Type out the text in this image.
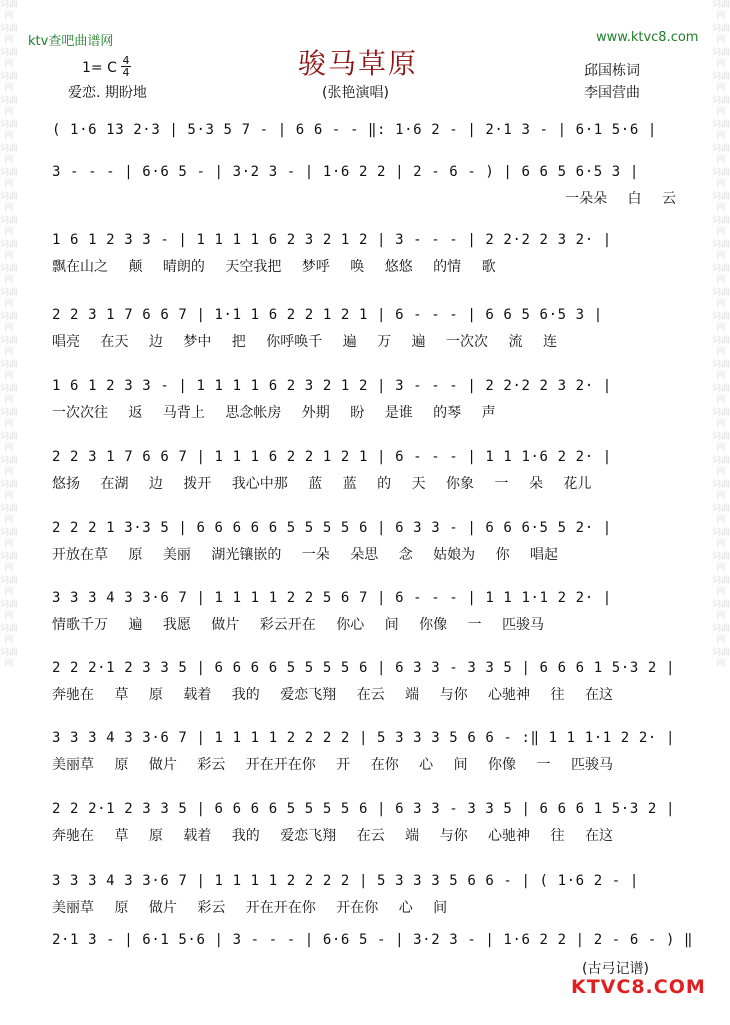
词曲网
词曲网
词曲网
词曲网
词曲网
词曲网
词曲网
词曲网
词曲网
词曲网
词曲网
词曲网
词曲网
词曲网
词曲网
词曲网
词曲网
词曲网
词曲网
词曲网
词曲网
词曲网
词曲网
词曲网
词曲网
词曲网
词曲网
词曲网
词曲网
词曲网
词曲网
词曲网
词曲网
词曲网
词曲网
词曲网
词曲网
词曲网
词曲网
词曲网
词曲网
词曲网
词曲网
词曲网
词曲网
词曲网
词曲网
词曲网
词曲网
词曲网
词曲网
词曲网
词曲网
词曲网
词曲网
词曲网
ktv查吧曲谱网	www.ktvc8.com
骏马草原
1= C 4
4
爱恋. 期盼地	(张艳演唱)
邱国栋词
李国营曲
( 1·6 13 2·3 | 5·3 5 7 - | 6 6 - - ‖: 1·6 2 - | 2·1 3 - | 6·1 5·6 |
3 - - - | 6·6 5 - | 3·2 3 - | 1·6 2 2 | 2 - 6 - ) | 6 6 5 6·5 3 |
一朵朵 白 云
1 6 1 2 3 3 - | 1 1 1 1 6 2 3 2 1 2 | 3 - - - | 2 2·2 2 3 2· |
飘在山之 颠 晴朗的 天空我把 梦呼 唤 悠悠 的情 歌
2 2 3 1 7 6 6 7 | 1·1 1 6 2 2 1 2 1 | 6 - - - | 6 6 5 6·5 3 |
唱亮 在天 边 梦中 把 你呼唤千 遍 万 遍 一次次 流 连
1 6 1 2 3 3 - | 1 1 1 1 6 2 3 2 1 2 | 3 - - - | 2 2·2 2 3 2· |
一次次往 返 马背上 思念帐房 外期 盼 是谁 的琴 声
2 2 3 1 7 6 6 7 | 1 1 1 6 2 2 1 2 1 | 6 - - - | 1 1 1·6 2 2· |
悠扬 在湖 边 拨开 我心中那 蓝 蓝 的 天 你象 一 朵 花儿
2 2 2 1 3·3 5 | 6 6 6 6 6 5 5 5 5 6 | 6 3 3 - | 6 6 6·5 5 2· |
开放在草 原 美丽 湖光镶嵌的 一朵 朵思 念 姑娘为 你 唱起
3 3 3 4 3 3·6 7 | 1 1 1 1 2 2 5 6 7 | 6 - - - | 1 1 1·1 2 2· |
情歌千万 遍 我愿 做片 彩云开在 你心 间 你像 一 匹骏马
2 2 2·1 2 3 3 5 | 6 6 6 6 5 5 5 5 6 | 6 3 3 - 3 3 5 | 6 6 6 1 5·3 2 |
奔驰在 草 原 载着 我的 爱恋飞翔 在云 端 与你 心驰神 往 在这
3 3 3 4 3 3·6 7 | 1 1 1 1 2 2 2 2 | 5 3 3 3 5 6 6 - :‖ 1 1 1·1 2 2· |
美丽草 原 做片 彩云 开在开在你 开 在你 心 间 你像 一 匹骏马
2 2 2·1 2 3 3 5 | 6 6 6 6 5 5 5 5 6 | 6 3 3 - 3 3 5 | 6 6 6 1 5·3 2 |
奔驰在 草 原 载着 我的 爱恋飞翔 在云 端 与你 心驰神 往 在这
3 3 3 4 3 3·6 7 | 1 1 1 1 2 2 2 2 | 5 3 3 3 5 6 6 - | ( 1·6 2 - |
美丽草 原 做片 彩云 开在开在你 开在你 心 间
2·1 3 - | 6·1 5·6 | 3 - - - | 6·6 5 - | 3·2 3 - | 1·6 2 2 | 2 - 6 - ) ‖
(古弓记谱)
KTVC8.COM
